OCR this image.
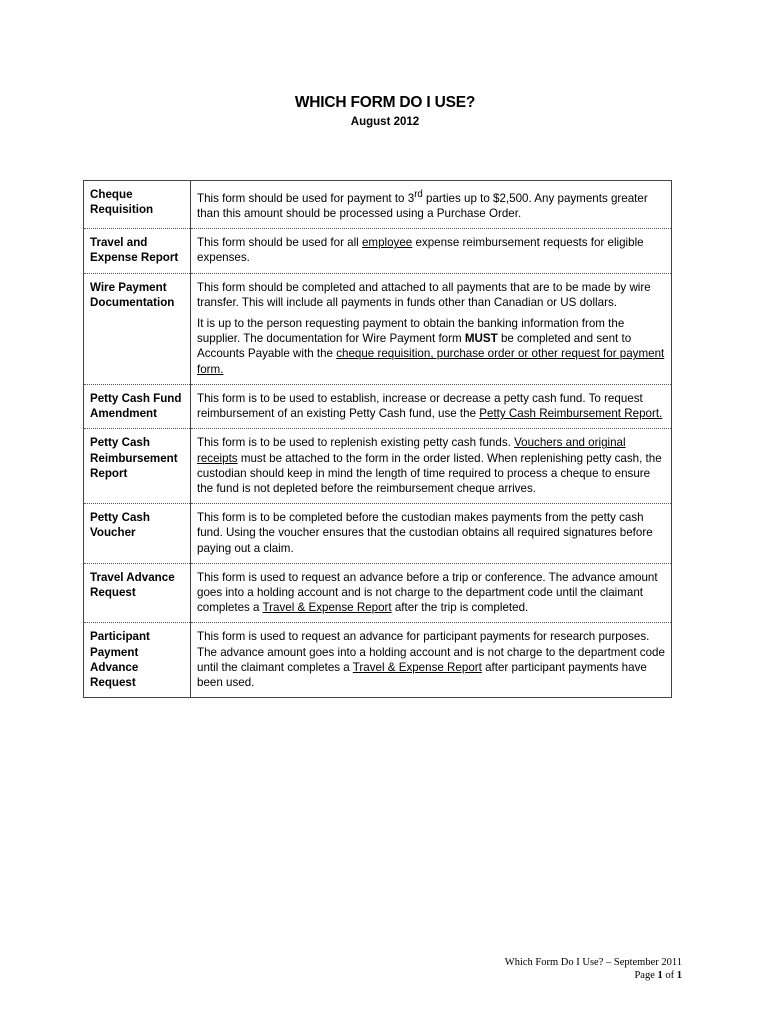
WHICH FORM DO I USE?
August 2012
Cheque Requisition	This form should be used for payment to 3rd parties up to $2,500. Any payments greater than this amount should be processed using a Purchase Order.

Travel and Expense Report	This form should be used for all employee expense reimbursement requests for eligible expenses.

Wire Payment Documentation	This form should be completed and attached to all payments that are to be made by wire transfer. This will include all payments in funds other than Canadian or US dollars.

It is up to the person requesting payment to obtain the banking information from the supplier. The documentation for Wire Payment form MUST be completed and sent to Accounts Payable with the cheque requisition, purchase order or other request for payment form.

Petty Cash Fund Amendment	This form is to be used to establish, increase or decrease a petty cash fund. To request reimbursement of an existing Petty Cash fund, use the Petty Cash Reimbursement Report.

Petty Cash Reimbursement Report	This form is to be used to replenish existing petty cash funds. Vouchers and original receipts must be attached to the form in the order listed. When replenishing petty cash, the custodian should keep in mind the length of time required to process a cheque to ensure the fund is not depleted before the reimbursement cheque arrives.

Petty Cash Voucher	This form is to be completed before the custodian makes payments from the petty cash fund. Using the voucher ensures that the custodian obtains all required signatures before paying out a claim.

Travel Advance Request	This form is used to request an advance before a trip or conference. The advance amount goes into a holding account and is not charge to the department code until the claimant completes a Travel & Expense Report after the trip is completed.

Participant Payment Advance Request	This form is used to request an advance for participant payments for research purposes. The advance amount goes into a holding account and is not charge to the department code until the claimant completes a Travel & Expense Report after participant payments have been used.

Which Form Do I Use? – September 2011
Page 1 of 1
